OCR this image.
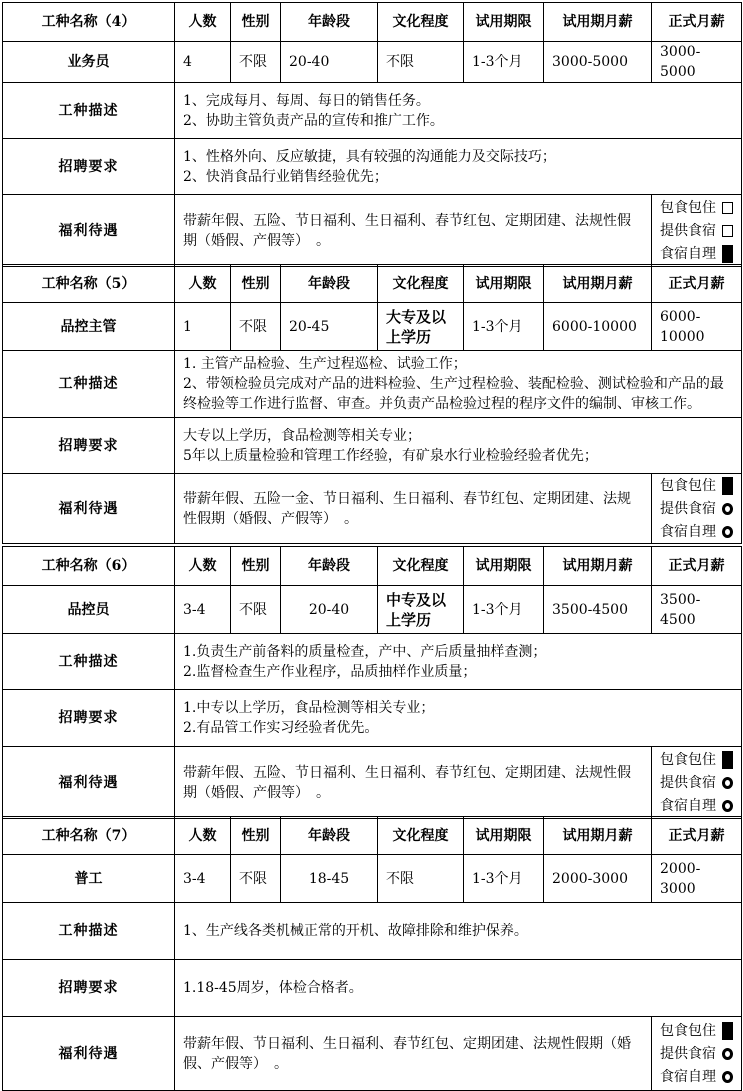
工种名称（4）	人数	性别	年龄段	文化程度	试用期限	试用期月薪	正式月薪
业务员	4	不限	20-40	不限	1-3个月	3000-5000	3000-5000
工种描述	1、完成每月、每周、每日的销售任务。
2、协助主管负责产品的宣传和推广工作。						

招聘要求	1、性格外向、反应敏捷，具有较强的沟通能力及交际技巧；
2、快消食品行业销售经验优先；						

福利待遇	带薪年假、五险、节日福利、生日福利、春节红包、定期团建、法规性假期（婚假、产假等）　。						包食包住
提供食宿
食宿自理
工种名称（5）	人数	性别	年龄段	文化程度	试用期限	试用期月薪	正式月薪
品控主管	1	不限	20-45	大专及以上学历	1-3个月	6000-10000	6000-10000
工种描述	1. 主管产品检验、生产过程巡检、试验工作；
2、带领检验员完成对产品的进料检验、生产过程检验、装配检验、测试检验和产品的最终检验等工作进行监督、审查。并负责产品检验过程的程序文件的编制、审核工作。						

招聘要求	大专以上学历，食品检测等相关专业；
5年以上质量检验和管理工作经验，有矿泉水行业检验经验者优先；						

福利待遇	带薪年假、五险一金、节日福利、生日福利、春节红包、定期团建、法规性假期（婚假、产假等）　。						包食包住
提供食宿
食宿自理
工种名称（6）	人数	性别	年龄段	文化程度	试用期限	试用期月薪	正式月薪
品控员	3-4	不限	20-40	中专及以上学历	1-3个月	3500-4500	3500-4500
工种描述	1.负责生产前备料的质量检查，产中、产后质量抽样查测；
2.监督检查生产作业程序，品质抽样作业质量；						

招聘要求	1.中专以上学历，食品检测等相关专业；
2.有品管工作实习经验者优先。						

福利待遇	带薪年假、五险、节日福利、生日福利、春节红包、定期团建、法规性假期（婚假、产假等）　。						包食包住
提供食宿
食宿自理
工种名称（7）	人数	性别	年龄段	文化程度	试用期限	试用期月薪	正式月薪
普工	3-4	不限	18-45	不限	1-3个月	2000-3000	2000-3000
工种描述	1、生产线各类机械正常的开机、故障排除和维护保养。						

招聘要求	1.18-45周岁，体检合格者。						

福利待遇	带薪年假、节日福利、生日福利、春节红包、定期团建、法规性假期（婚假、产假等）　。						包食包住
提供食宿
食宿自理
